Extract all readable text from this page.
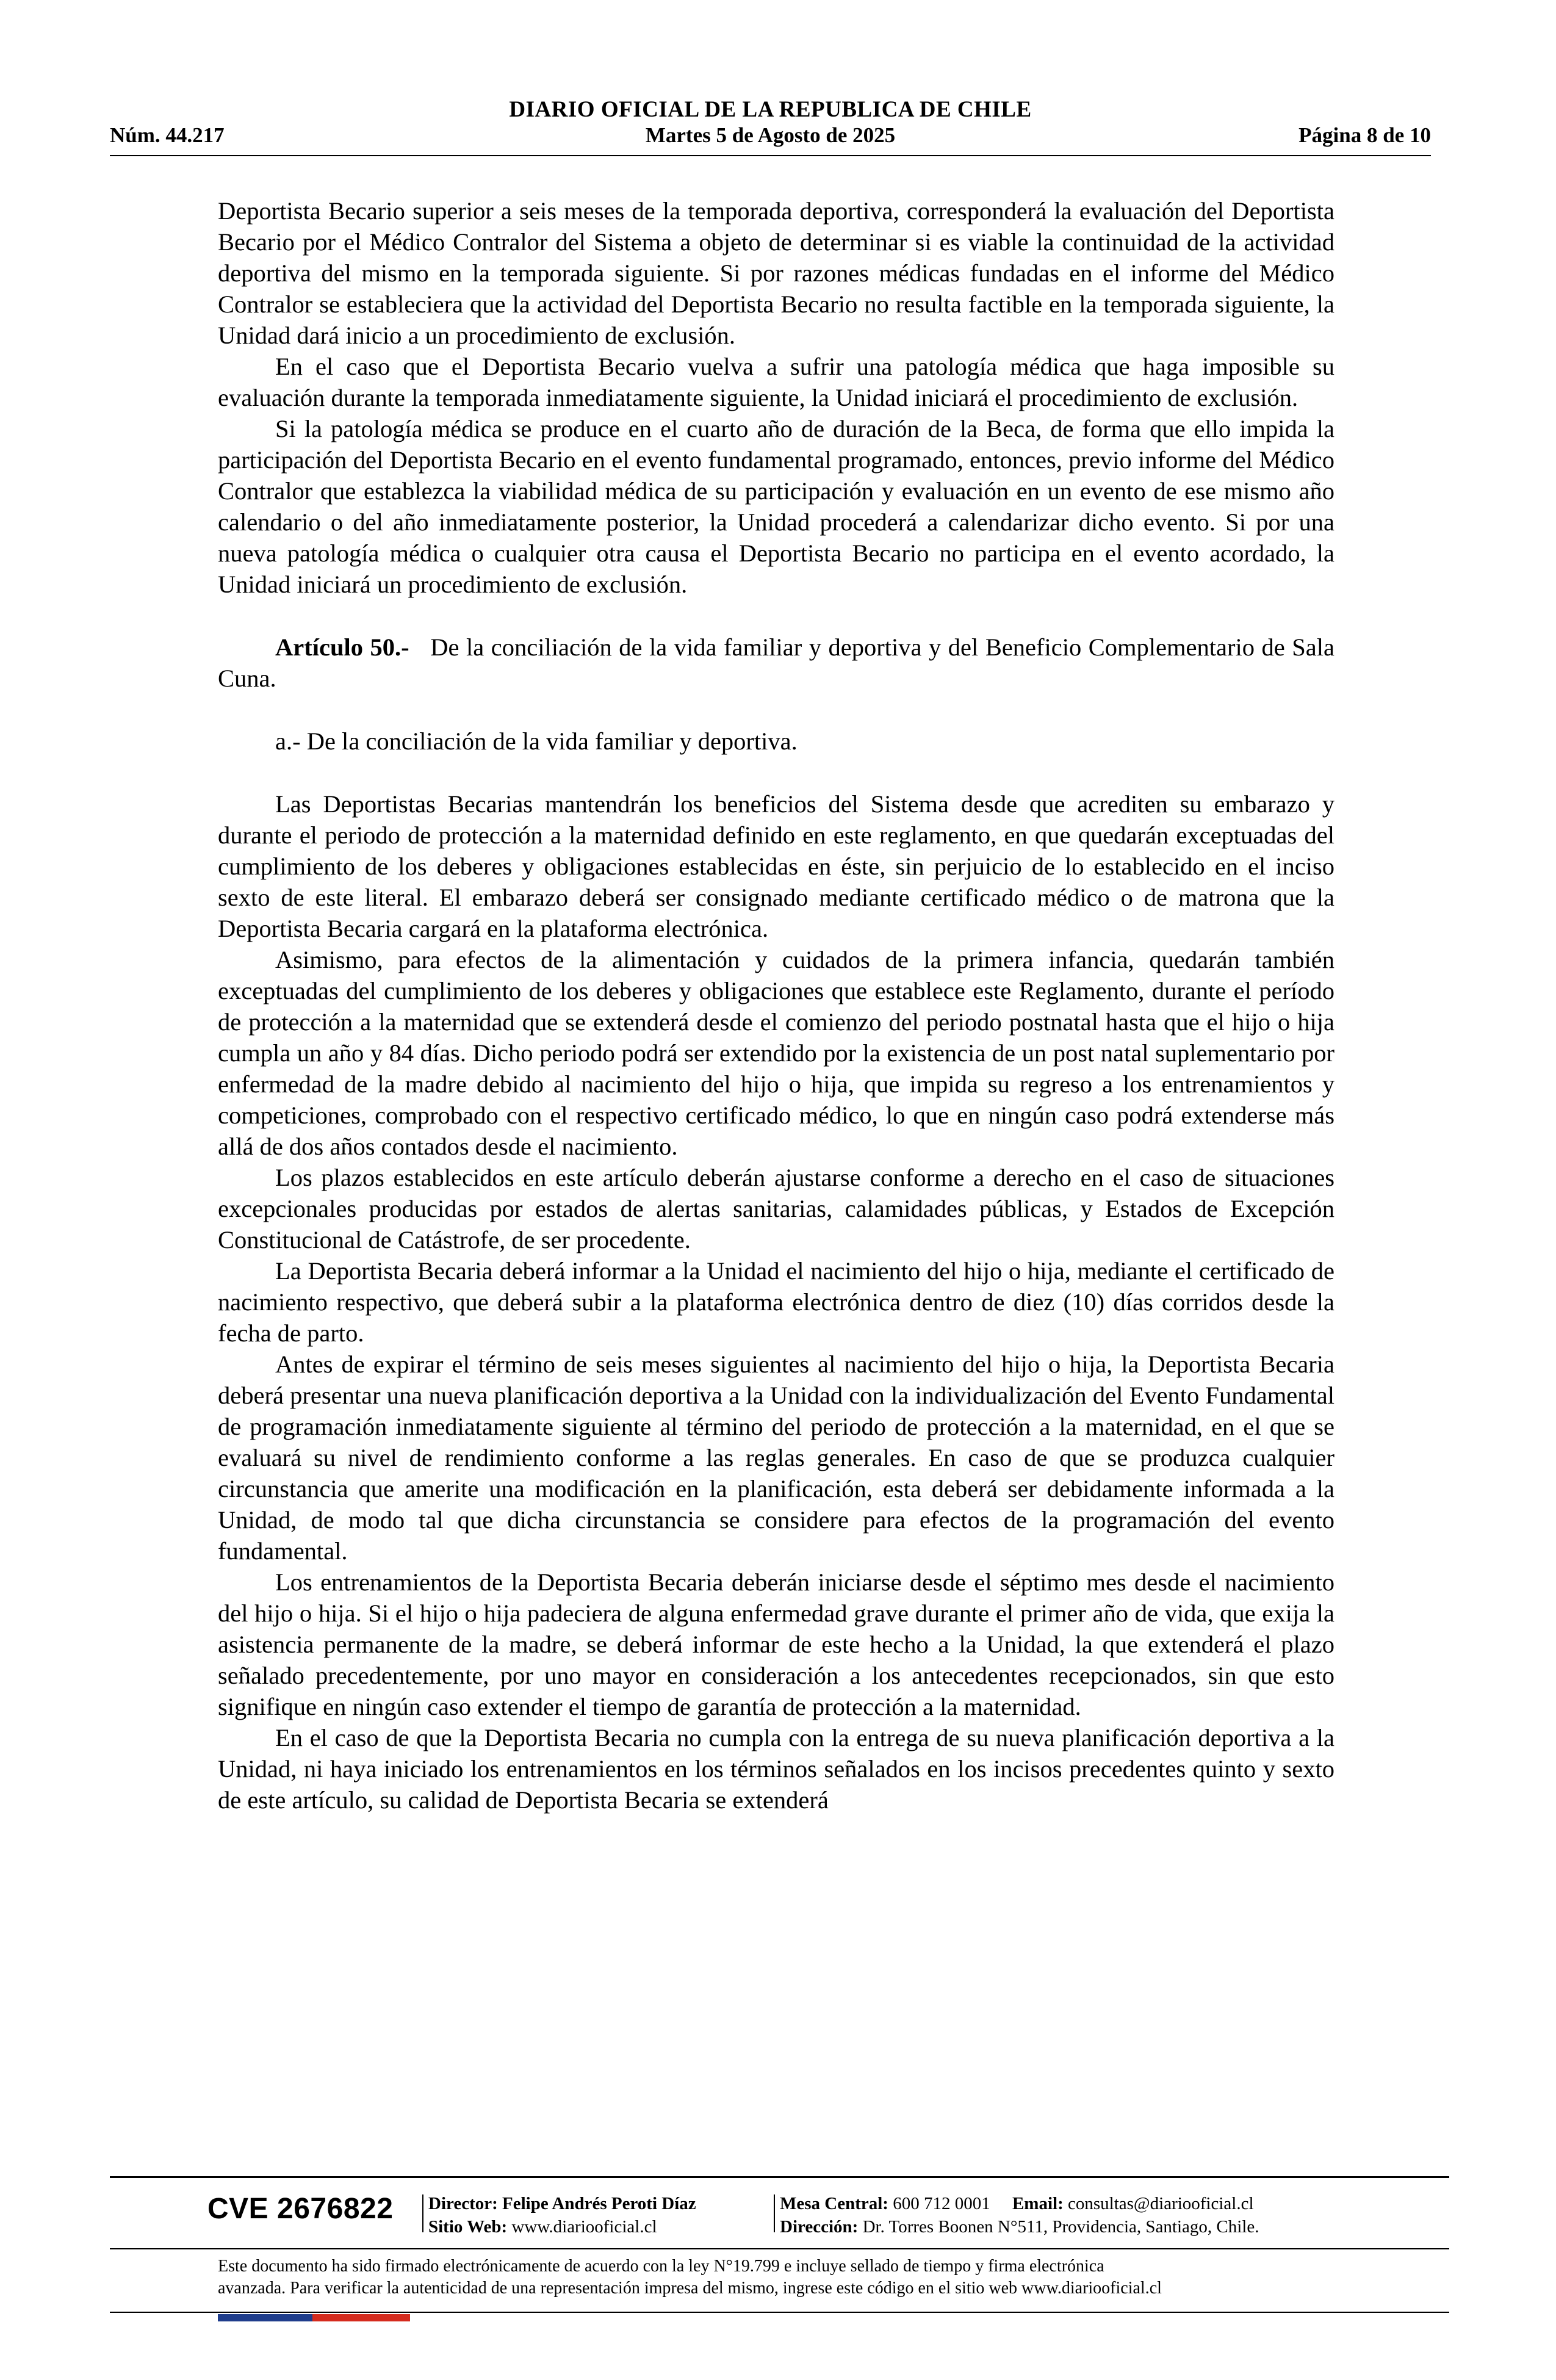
DIARIO OFICIAL DE LA REPUBLICA DE CHILE
Núm. 44.217	Martes 5 de Agosto de 2025	Página 8 de 10

Deportista Becario superior a seis meses de la temporada deportiva, corresponderá la evaluación del Deportista Becario por el Médico Contralor del Sistema a objeto de determinar si es viable la continuidad de la actividad deportiva del mismo en la temporada siguiente. Si por razones médicas fundadas en el informe del Médico Contralor se estableciera que la actividad del Deportista Becario no resulta factible en la temporada siguiente, la Unidad dará inicio a un procedimiento de exclusión.

En el caso que el Deportista Becario vuelva a sufrir una patología médica que haga imposible su evaluación durante la temporada inmediatamente siguiente, la Unidad iniciará el procedimiento de exclusión.

Si la patología médica se produce en el cuarto año de duración de la Beca, de forma que ello impida la participación del Deportista Becario en el evento fundamental programado, entonces, previo informe del Médico Contralor que establezca la viabilidad médica de su participación y evaluación en un evento de ese mismo año calendario o del año inmediatamente posterior, la Unidad procederá a calendarizar dicho evento. Si por una nueva patología médica o cualquier otra causa el Deportista Becario no participa en el evento acordado, la Unidad iniciará un procedimiento de exclusión.

Artículo 50.- De la conciliación de la vida familiar y deportiva y del Beneficio Complementario de Sala Cuna.

a.- De la conciliación de la vida familiar y deportiva.

Las Deportistas Becarias mantendrán los beneficios del Sistema desde que acrediten su embarazo y durante el periodo de protección a la maternidad definido en este reglamento, en que quedarán exceptuadas del cumplimiento de los deberes y obligaciones establecidas en éste, sin perjuicio de lo establecido en el inciso sexto de este literal. El embarazo deberá ser consignado mediante certificado médico o de matrona que la Deportista Becaria cargará en la plataforma electrónica.

Asimismo, para efectos de la alimentación y cuidados de la primera infancia, quedarán también exceptuadas del cumplimiento de los deberes y obligaciones que establece este Reglamento, durante el período de protección a la maternidad que se extenderá desde el comienzo del periodo postnatal hasta que el hijo o hija cumpla un año y 84 días. Dicho periodo podrá ser extendido por la existencia de un post natal suplementario por enfermedad de la madre debido al nacimiento del hijo o hija, que impida su regreso a los entrenamientos y competiciones, comprobado con el respectivo certificado médico, lo que en ningún caso podrá extenderse más allá de dos años contados desde el nacimiento.

Los plazos establecidos en este artículo deberán ajustarse conforme a derecho en el caso de situaciones excepcionales producidas por estados de alertas sanitarias, calamidades públicas, y Estados de Excepción Constitucional de Catástrofe, de ser procedente.

La Deportista Becaria deberá informar a la Unidad el nacimiento del hijo o hija, mediante el certificado de nacimiento respectivo, que deberá subir a la plataforma electrónica dentro de diez (10) días corridos desde la fecha de parto.

Antes de expirar el término de seis meses siguientes al nacimiento del hijo o hija, la Deportista Becaria deberá presentar una nueva planificación deportiva a la Unidad con la individualización del Evento Fundamental de programación inmediatamente siguiente al término del periodo de protección a la maternidad, en el que se evaluará su nivel de rendimiento conforme a las reglas generales. En caso de que se produzca cualquier circunstancia que amerite una modificación en la planificación, esta deberá ser debidamente informada a la Unidad, de modo tal que dicha circunstancia se considere para efectos de la programación del evento fundamental.

Los entrenamientos de la Deportista Becaria deberán iniciarse desde el séptimo mes desde el nacimiento del hijo o hija. Si el hijo o hija padeciera de alguna enfermedad grave durante el primer año de vida, que exija la asistencia permanente de la madre, se deberá informar de este hecho a la Unidad, la que extenderá el plazo señalado precedentemente, por uno mayor en consideración a los antecedentes recepcionados, sin que esto signifique en ningún caso extender el tiempo de garantía de protección a la maternidad.

En el caso de que la Deportista Becaria no cumpla con la entrega de su nueva planificación deportiva a la Unidad, ni haya iniciado los entrenamientos en los términos señalados en los incisos precedentes quinto y sexto de este artículo, su calidad de Deportista Becaria se extenderá

CVE 2676822 Director: Felipe Andrés Peroti Díaz
Sitio Web: www.diariooficial.cl
Mesa Central: 600 712 0001 Email: consultas@diariooficial.cl
Dirección: Dr. Torres Boonen N°511, Providencia, Santiago, Chile.
Este documento ha sido firmado electrónicamente de acuerdo con la ley N°19.799 e incluye sellado de tiempo y firma electrónica
avanzada. Para verificar la autenticidad de una representación impresa del mismo, ingrese este código en el sitio web www.diariooficial.cl
